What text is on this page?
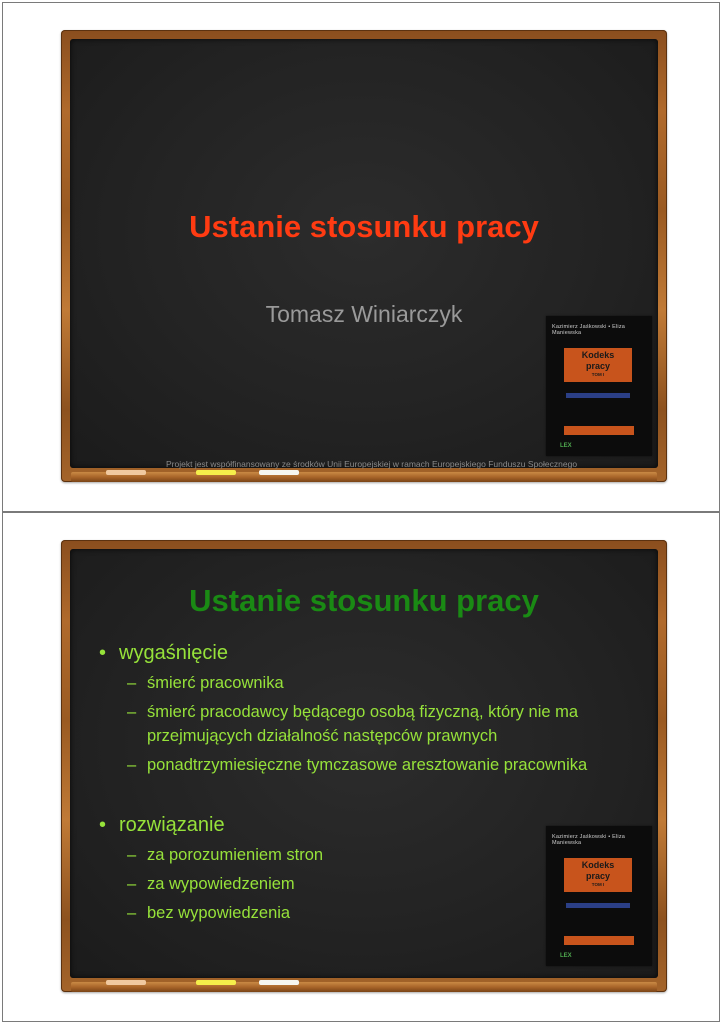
Ustanie stosunku pracy
Tomasz Winiarczyk
Projekt jest współfinansowany ze środków Unii Europejskiej w ramach Europejskiego Funduszu Społecznego
Kazimierz Jaśkowski • Eliza Maniewska
Kodeks
pracy
TOM I
LEX
Ustanie stosunku pracy
• wygaśnięcie
– śmierć pracownika
– śmierć pracodawcy będącego osobą fizyczną, który nie ma przejmujących działalność następców prawnych
– ponadtrzymiesięczne tymczasowe aresztowanie pracownika
• rozwiązanie
– za porozumieniem stron
– za wypowiedzeniem
– bez wypowiedzenia
Kazimierz Jaśkowski • Eliza Maniewska
Kodeks
pracy
TOM I
LEX
